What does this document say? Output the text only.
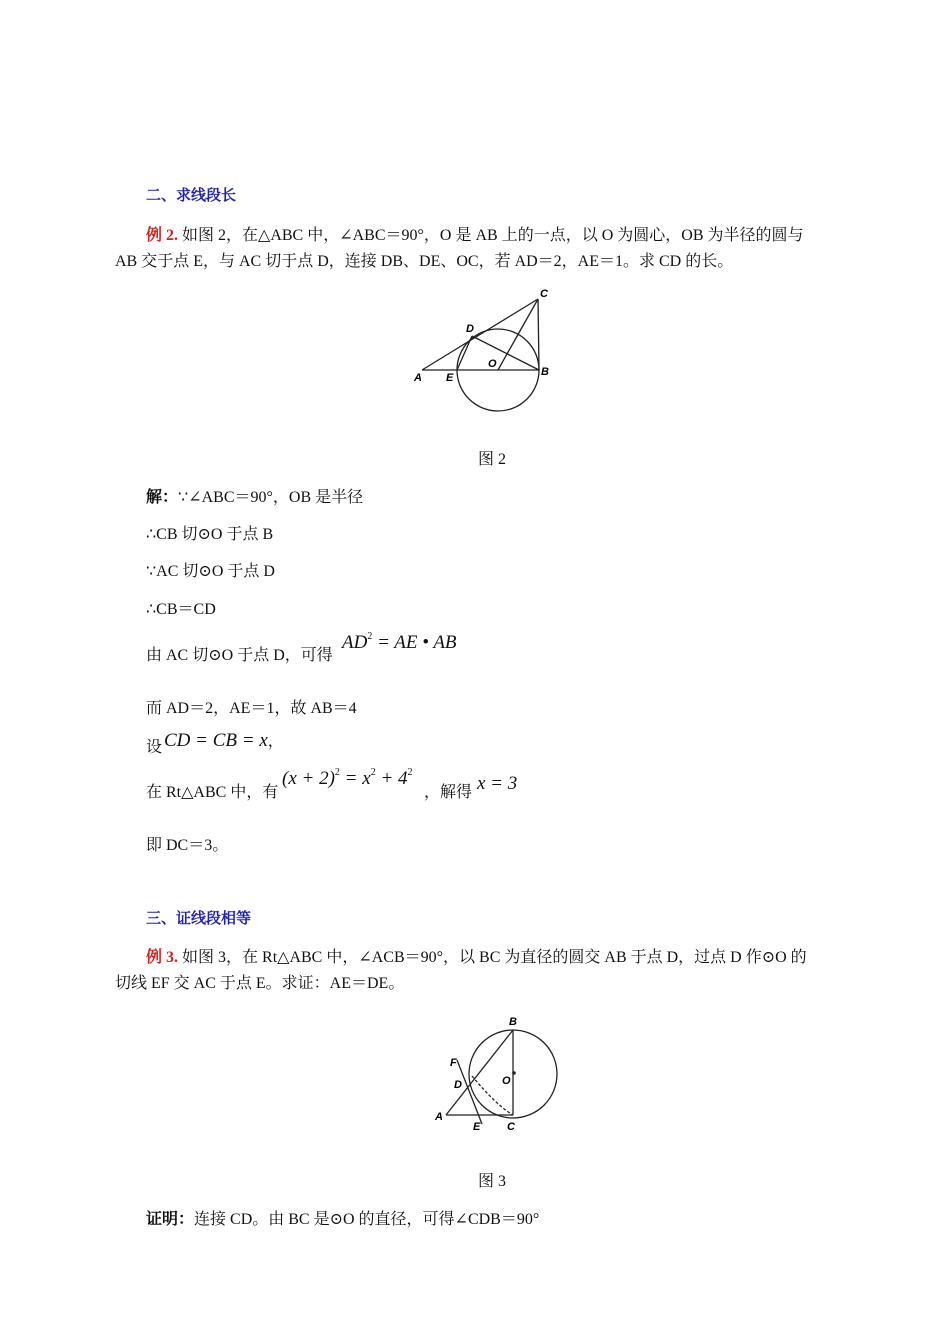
二、求线段长
例 2. 如图 2，在△ABC 中，∠ABC＝90°，O 是 AB 上的一点，以 O 为圆心，OB 为半径的圆与
AB 交于点 E，与 AC 切于点 D，连接 DB、DE、OC，若 AD＝2，AE＝1。求 CD 的长。
A E
O
B
D
C
图 2
解：∵∠ABC＝90°，OB 是半径
∴CB 切⊙O 于点 B
∵AC 切⊙O 于点 D
∴CB＝CD
由 AC 切⊙O 于点 D，可得
$AD^2$ = AE • AB
而 AD＝2，AE＝1，故 AB＝4
设 CD = CB = x，
在 Rt△ABC 中，有
$(x + 2)^2 = x^2 + 4^2$
，解得 x = 3
即 DC＝3。
三、证线段相等
例 3. 如图 3，在 Rt△ABC 中，∠ACB＝90°，以 BC 为直径的圆交 AB 于点 D，过点 D 作⊙O 的
切线 EF 交 AC 于点 E。求证：AE＝DE。
A
E C
D	O
B
F
图 3
证明：连接 CD。由 BC 是⊙O 的直径，可得∠CDB＝90°
